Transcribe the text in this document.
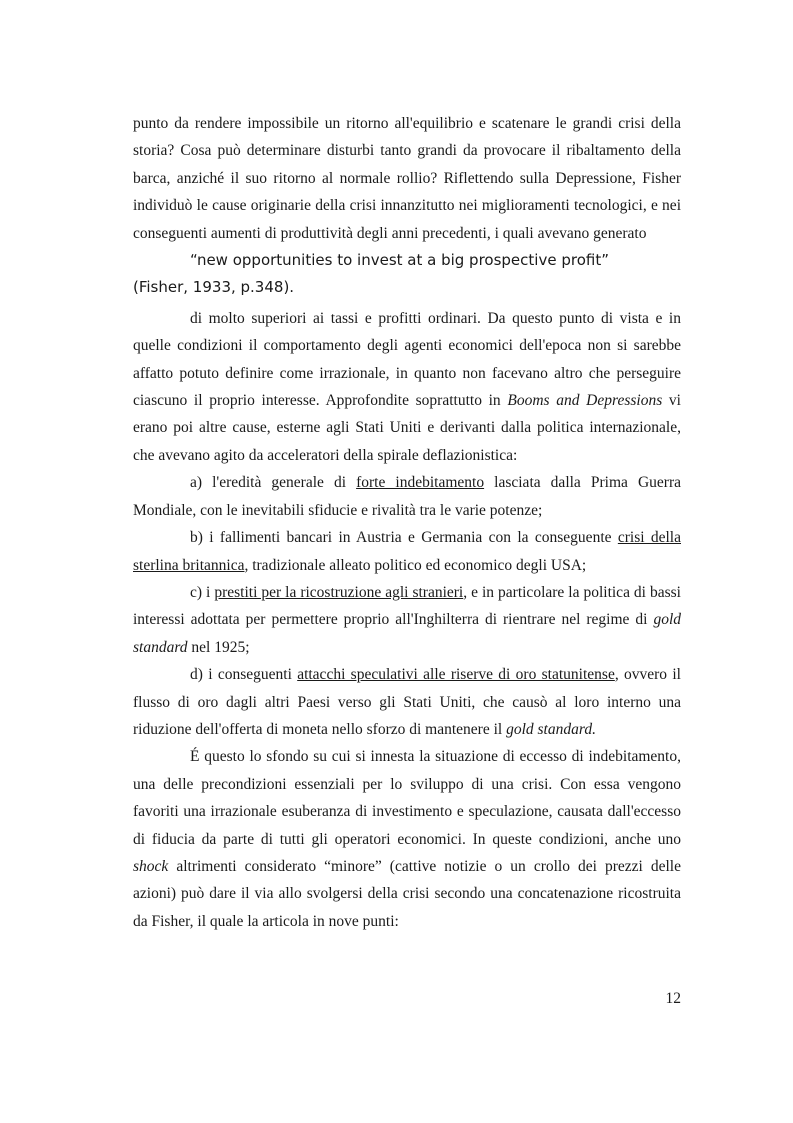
punto da rendere impossibile un ritorno all'equilibrio e scatenare le grandi crisi della storia? Cosa può determinare disturbi tanto grandi da provocare il ribaltamento della barca, anziché il suo ritorno al normale rollio? Riflettendo sulla Depressione, Fisher individuò le cause originarie della crisi innanzitutto nei miglioramenti tecnologici, e nei conseguenti aumenti di produttività degli anni precedenti, i quali avevano generato

“new opportunities to invest at a big prospective profit”

(Fisher, 1933, p.348).

di molto superiori ai tassi e profitti ordinari. Da questo punto di vista e in quelle condizioni il comportamento degli agenti economici dell'epoca non si sarebbe affatto potuto definire come irrazionale, in quanto non facevano altro che perseguire ciascuno il proprio interesse. Approfondite soprattutto in Booms and Depressions vi erano poi altre cause, esterne agli Stati Uniti e derivanti dalla politica internazionale, che avevano agito da acceleratori della spirale deflazionistica:

a) l'eredità generale di forte indebitamento lasciata dalla Prima Guerra Mondiale, con le inevitabili sfiducie e rivalità tra le varie potenze;

b) i fallimenti bancari in Austria e Germania con la conseguente crisi della sterlina britannica, tradizionale alleato politico ed economico degli USA;

c) i prestiti per la ricostruzione agli stranieri, e in particolare la politica di bassi interessi adottata per permettere proprio all'Inghilterra di rientrare nel regime di gold standard nel 1925;

d) i conseguenti attacchi speculativi alle riserve di oro statunitense, ovvero il flusso di oro dagli altri Paesi verso gli Stati Uniti, che causò al loro interno una riduzione dell'offerta di moneta nello sforzo di mantenere il gold standard.

É questo lo sfondo su cui si innesta la situazione di eccesso di indebitamento, una delle precondizioni essenziali per lo sviluppo di una crisi. Con essa vengono favoriti una irrazionale esuberanza di investimento e speculazione, causata dall'eccesso di fiducia da parte di tutti gli operatori economici. In queste condizioni, anche uno shock altrimenti considerato “minore” (cattive notizie o un crollo dei prezzi delle azioni) può dare il via allo svolgersi della crisi secondo una concatenazione ricostruita da Fisher, il quale la articola in nove punti:

12
